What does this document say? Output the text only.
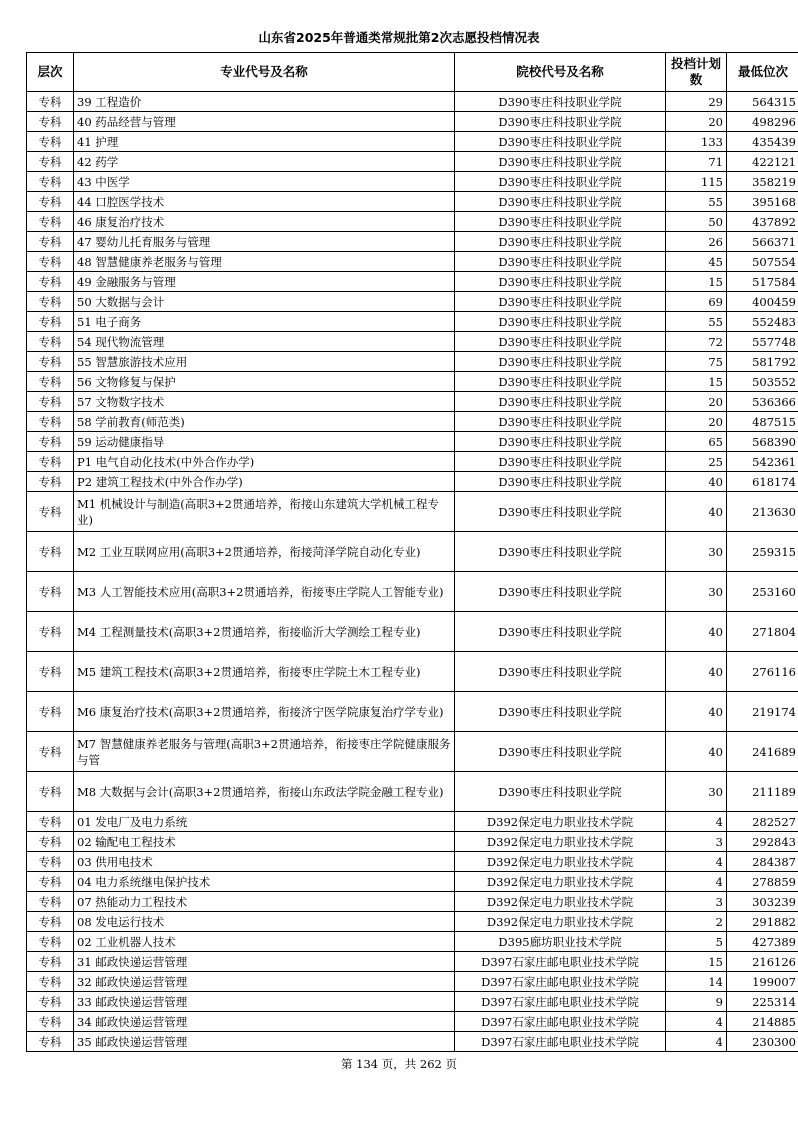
山东省2025年普通类常规批第2次志愿投档情况表
层次	专业代号及名称	院校代号及名称	投档计划数	最低位次
专科	39 工程造价	D390枣庄科技职业学院	29	564315
专科	40 药品经营与管理	D390枣庄科技职业学院	20	498296
专科	41 护理	D390枣庄科技职业学院	133	435439
专科	42 药学	D390枣庄科技职业学院	71	422121
专科	43 中医学	D390枣庄科技职业学院	115	358219
专科	44 口腔医学技术	D390枣庄科技职业学院	55	395168
专科	46 康复治疗技术	D390枣庄科技职业学院	50	437892
专科	47 婴幼儿托育服务与管理	D390枣庄科技职业学院	26	566371
专科	48 智慧健康养老服务与管理	D390枣庄科技职业学院	45	507554
专科	49 金融服务与管理	D390枣庄科技职业学院	15	517584
专科	50 大数据与会计	D390枣庄科技职业学院	69	400459
专科	51 电子商务	D390枣庄科技职业学院	55	552483
专科	54 现代物流管理	D390枣庄科技职业学院	72	557748
专科	55 智慧旅游技术应用	D390枣庄科技职业学院	75	581792
专科	56 文物修复与保护	D390枣庄科技职业学院	15	503552
专科	57 文物数字技术	D390枣庄科技职业学院	20	536366
专科	58 学前教育(师范类)	D390枣庄科技职业学院	20	487515
专科	59 运动健康指导	D390枣庄科技职业学院	65	568390
专科	P1 电气自动化技术(中外合作办学)	D390枣庄科技职业学院	25	542361
专科	P2 建筑工程技术(中外合作办学)	D390枣庄科技职业学院	40	618174
专科	M1 机械设计与制造(高职3+2贯通培养，衔接山东建筑大学机械工程专业)	D390枣庄科技职业学院	40	213630
专科	M2 工业互联网应用(高职3+2贯通培养，衔接菏泽学院自动化专业)	D390枣庄科技职业学院	30	259315
专科	M3 人工智能技术应用(高职3+2贯通培养，衔接枣庄学院人工智能专业)	D390枣庄科技职业学院	30	253160
专科	M4 工程测量技术(高职3+2贯通培养，衔接临沂大学测绘工程专业)	D390枣庄科技职业学院	40	271804
专科	M5 建筑工程技术(高职3+2贯通培养，衔接枣庄学院土木工程专业)	D390枣庄科技职业学院	40	276116
专科	M6 康复治疗技术(高职3+2贯通培养，衔接济宁医学院康复治疗学专业)	D390枣庄科技职业学院	40	219174
专科	M7 智慧健康养老服务与管理(高职3+2贯通培养，衔接枣庄学院健康服务与管	D390枣庄科技职业学院	40	241689
专科	M8 大数据与会计(高职3+2贯通培养，衔接山东政法学院金融工程专业)	D390枣庄科技职业学院	30	211189
专科	01 发电厂及电力系统	D392保定电力职业技术学院	4	282527
专科	02 输配电工程技术	D392保定电力职业技术学院	3	292843
专科	03 供用电技术	D392保定电力职业技术学院	4	284387
专科	04 电力系统继电保护技术	D392保定电力职业技术学院	4	278859
专科	07 热能动力工程技术	D392保定电力职业技术学院	3	303239
专科	08 发电运行技术	D392保定电力职业技术学院	2	291882
专科	02 工业机器人技术	D395廊坊职业技术学院	5	427389
专科	31 邮政快递运营管理	D397石家庄邮电职业技术学院	15	216126
专科	32 邮政快递运营管理	D397石家庄邮电职业技术学院	14	199007
专科	33 邮政快递运营管理	D397石家庄邮电职业技术学院	9	225314
专科	34 邮政快递运营管理	D397石家庄邮电职业技术学院	4	214885
专科	35 邮政快递运营管理	D397石家庄邮电职业技术学院	4	230300
第 134 页，共 262 页
